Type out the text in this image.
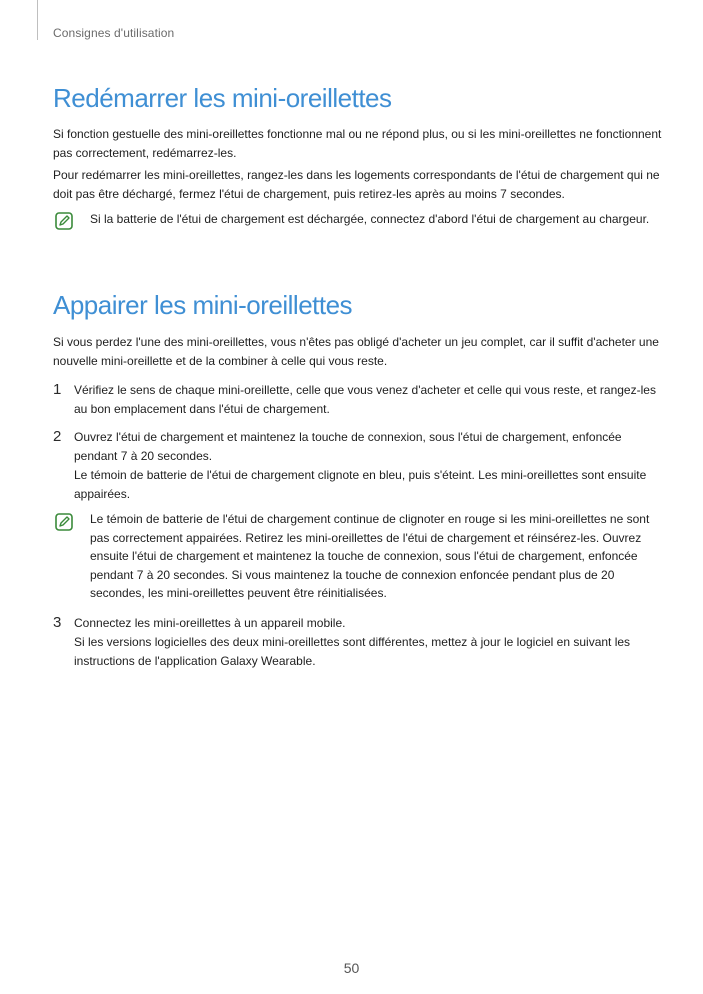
Consignes d'utilisation
Redémarrer les mini-oreillettes

Si fonction gestuelle des mini-oreillettes fonctionne mal ou ne répond plus, ou si les mini-oreillettes ne fonctionnent pas correctement, redémarrez-les.

Pour redémarrer les mini-oreillettes, rangez-les dans les logements correspondants de l'étui de chargement qui ne doit pas être déchargé, fermez l'étui de chargement, puis retirez-les après au moins 7 secondes.

Si la batterie de l'étui de chargement est déchargée, connectez d'abord l'étui de chargement au chargeur.

Appairer les mini-oreillettes

Si vous perdez l'une des mini-oreillettes, vous n'êtes pas obligé d'acheter un jeu complet, car il suffit d'acheter une nouvelle mini-oreillette et de la combiner à celle qui vous reste.

1 Vérifiez le sens de chaque mini-oreillette, celle que vous venez d'acheter et celle qui vous reste, et rangez-les au bon emplacement dans l'étui de chargement.

2 Ouvrez l'étui de chargement et maintenez la touche de connexion, sous l'étui de chargement, enfoncée pendant 7 à 20 secondes.

Le témoin de batterie de l'étui de chargement clignote en bleu, puis s'éteint. Les mini-oreillettes sont ensuite appairées.

Le témoin de batterie de l'étui de chargement continue de clignoter en rouge si les mini-oreillettes ne sont pas correctement appairées. Retirez les mini-oreillettes de l'étui de chargement et réinsérez-les. Ouvrez ensuite l'étui de chargement et maintenez la touche de connexion, sous l'étui de chargement, enfoncée pendant 7 à 20 secondes. Si vous maintenez la touche de connexion enfoncée pendant plus de 20 secondes, les mini-oreillettes peuvent être réinitialisées.

3 Connectez les mini-oreillettes à un appareil mobile.

Si les versions logicielles des deux mini-oreillettes sont différentes, mettez à jour le logiciel en suivant les instructions de l'application Galaxy Wearable.

50
